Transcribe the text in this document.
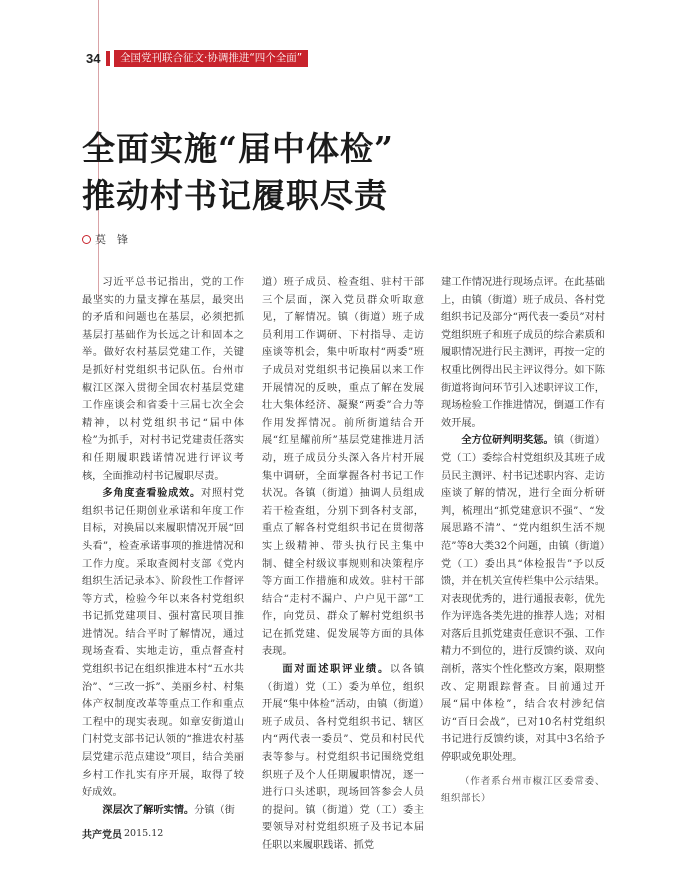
34	全国党刊联合征文·协调推进“四个全面”
全面实施“届中体检”
推动村书记履职尽责
莫　锋

习近平总书记指出，党的工作最坚实的力量支撑在基层，最突出的矛盾和问题也在基层，必须把抓基层打基础作为长远之计和固本之举。做好农村基层党建工作，关键是抓好村党组织书记队伍。台州市椒江区深入贯彻全国农村基层党建工作座谈会和省委十三届七次全会精神，以村党组织书记“届中体检”为抓手，对村书记党建责任落实和任期履职践诺情况进行评议考核，全面推动村书记履职尽责。

多角度查看验成效。对照村党组织书记任期创业承诺和年度工作目标，对换届以来履职情况开展“回头看”，检查承诺事项的推进情况和工作力度。采取查阅村支部《党内组织生活记录本》、阶段性工作督评等方式，检验今年以来各村党组织书记抓党建项目、强村富民项目推进情况。结合平时了解情况，通过现场查看、实地走访，重点督查村党组织书记在组织推进本村“五水共治”、“三改一拆”、美丽乡村、村集体产权制度改革等重点工作和重点工程中的现实表现。如章安街道山门村党支部书记认领的“推进农村基层党建示范点建设”项目，结合美丽乡村工作扎实有序开展，取得了较好成效。

深层次了解听实情。分镇（街

道）班子成员、检查组、驻村干部三个层面，深入党员群众听取意见，了解情况。镇（街道）班子成员利用工作调研、下村指导、走访座谈等机会，集中听取村“两委”班子成员对党组织书记换届以来工作开展情况的反映，重点了解在发展壮大集体经济、凝聚“两委”合力等作用发挥情况。前所街道结合开展“红星耀前所”基层党建推进月活动，班子成员分头深入各片村开展集中调研，全面掌握各村书记工作状况。各镇（街道）抽调人员组成若干检查组，分别下到各村支部，重点了解各村党组织书记在贯彻落实上级精神、带头执行民主集中制、健全村级议事规则和决策程序等方面工作措施和成效。驻村干部结合“走村不漏户、户户见干部”工作，向党员、群众了解村党组织书记在抓党建、促发展等方面的具体表现。

面对面述职评业绩。以各镇（街道）党（工）委为单位，组织开展“集中体检”活动，由镇（街道）班子成员、各村党组织书记、辖区内“两代表一委员”、党员和村民代表等参与。村党组织书记围绕党组织班子及个人任期履职情况，逐一进行口头述职，现场回答参会人员的提问。镇（街道）党（工）委主要领导对村党组织班子及书记本届任职以来履职践诺、抓党

建工作情况进行现场点评。在此基础上，由镇（街道）班子成员、各村党组织书记及部分“两代表一委员”对村党组织班子和班子成员的综合素质和履职情况进行民主测评，再按一定的权重比例得出民主评议得分。如下陈街道将询问环节引入述职评议工作，现场检验工作推进情况，倒逼工作有效开展。

全方位研判明奖惩。镇（街道）党（工）委综合村党组织及其班子成员民主测评、村书记述职内容、走访座谈了解的情况，进行全面分析研判，梳理出“抓党建意识不强”、“发展思路不清”、“党内组织生活不规范”等8大类32个问题，由镇（街道）党（工）委出具“体检报告”予以反馈，并在机关宣传栏集中公示结果。对表现优秀的，进行通报表彰，优先作为评选各类先进的推荐人选；对相对落后且抓党建责任意识不强、工作精力不到位的，进行反馈约谈、双向剖析，落实个性化整改方案，限期整改、定期跟踪督查。目前通过开展“届中体检”，结合农村涉纪信访“百日会战”，已对10名村党组织书记进行反馈约谈，对其中3名给予停职或免职处理。

（作者系台州市椒江区委常委、组织部长）

共产党员 2015.12
